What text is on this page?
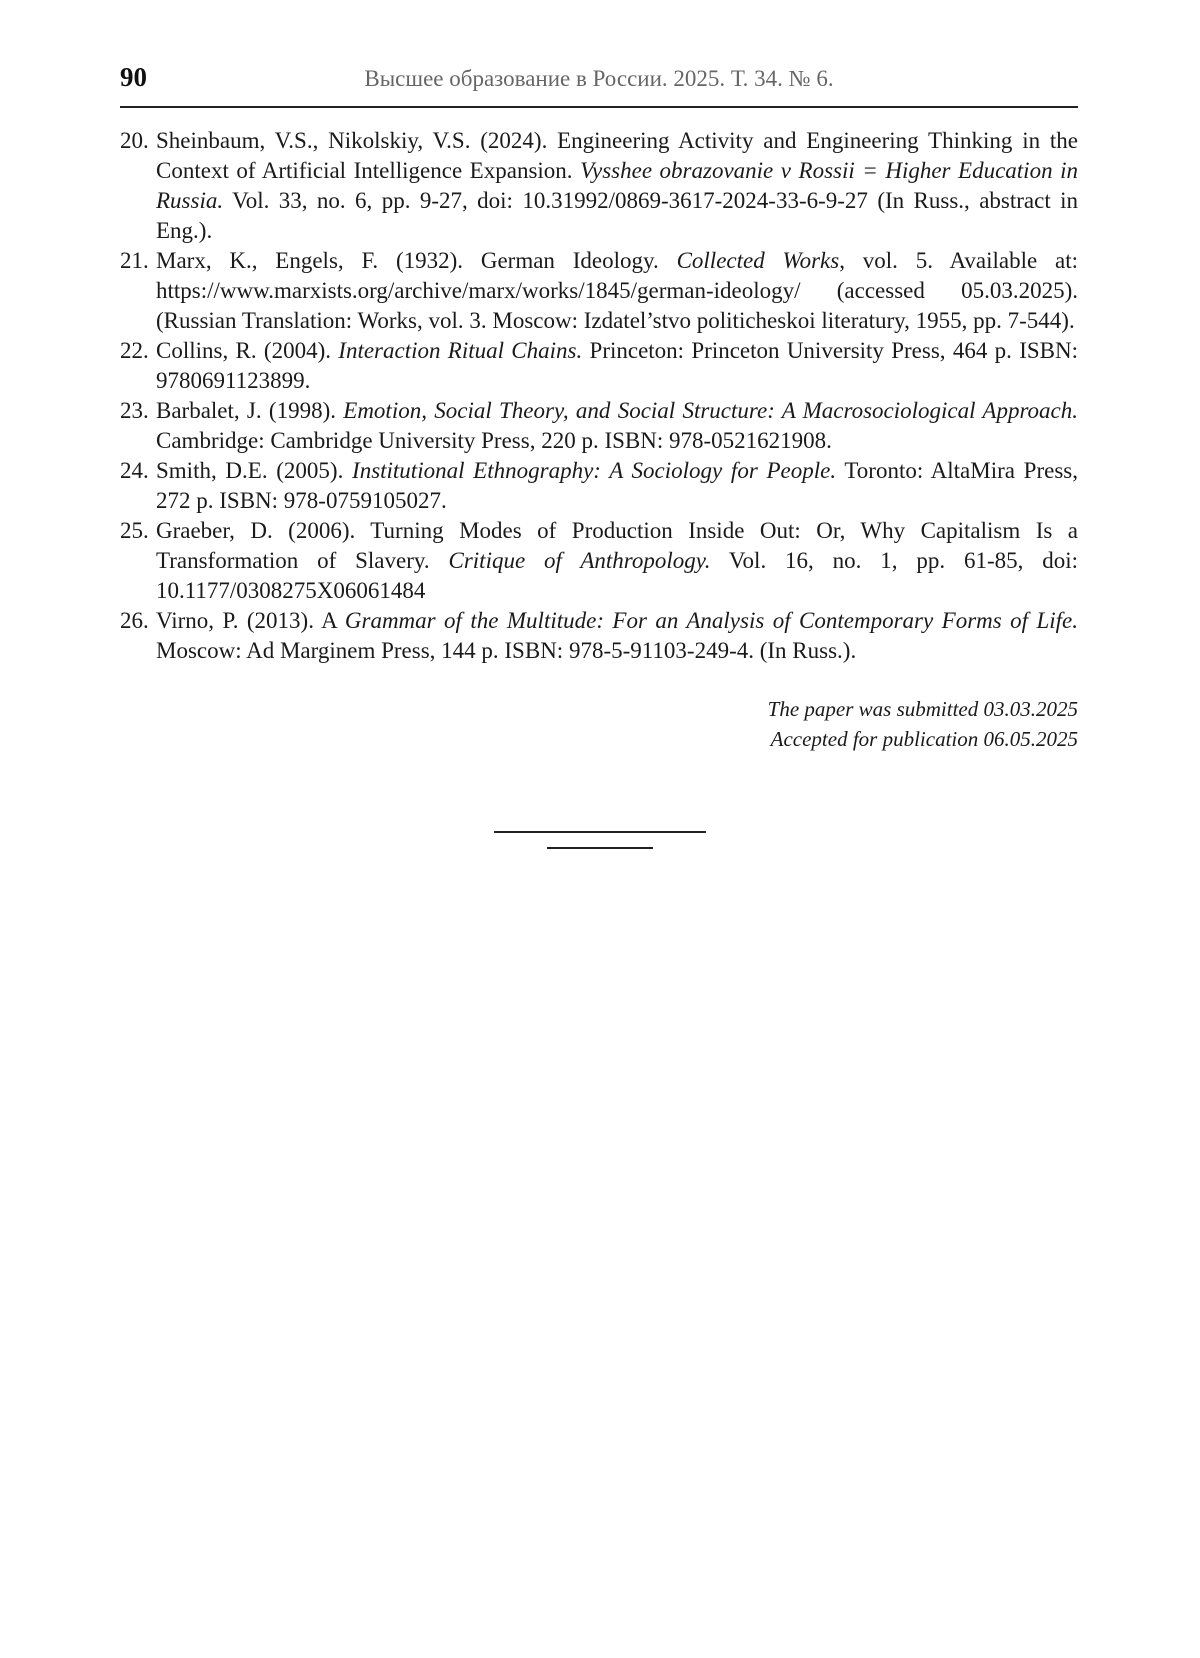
90	Высшее образование в России. 2025. Т. 34. № 6.
20. Sheinbaum, V.S., Nikolskiy, V.S. (2024). Engineering Activity and Engineering Thinking in the Context of Artificial Intelligence Expansion. Vysshee obrazovanie v Rossii = Higher Education in Russia. Vol. 33, no. 6, pp. 9-27, doi: 10.31992/0869-3617-2024-33-6-9-27 (In Russ., abstract in Eng.).
21. Marx, K., Engels, F. (1932). German Ideology. Collected Works, vol. 5. Available at: https://www.marxists.org/archive/marx/works/1845/german-ideology/ (accessed 05.03.2025). (Russian Translation: Works, vol. 3. Moscow: Izdatel’stvo politicheskoi literatury, 1955, pp. 7-544).
22. Collins, R. (2004). Interaction Ritual Chains. Princeton: Princeton University Press, 464 p. ISBN: 9780691123899.
23. Barbalet, J. (1998). Emotion, Social Theory, and Social Structure: A Macrosociological Approach. Cambridge: Cambridge University Press, 220 p. ISBN: 978-0521621908.
24. Smith, D.E. (2005). Institutional Ethnography: A Sociology for People. Toronto: AltaMira Press, 272 p. ISBN: 978-0759105027.
25. Graeber, D. (2006). Turning Modes of Production Inside Out: Or, Why Capitalism Is a Transformation of Slavery. Critique of Anthropology. Vol. 16, no. 1, pp. 61-85, doi: 10.1177/0308275X06061484
26. Virno, P. (2013). A Grammar of the Multitude: For an Analysis of Contemporary Forms of Life. Moscow: Ad Marginem Press, 144 p. ISBN: 978-5-91103-249-4. (In Russ.).
The paper was submitted 03.03.2025
Accepted for publication 06.05.2025
